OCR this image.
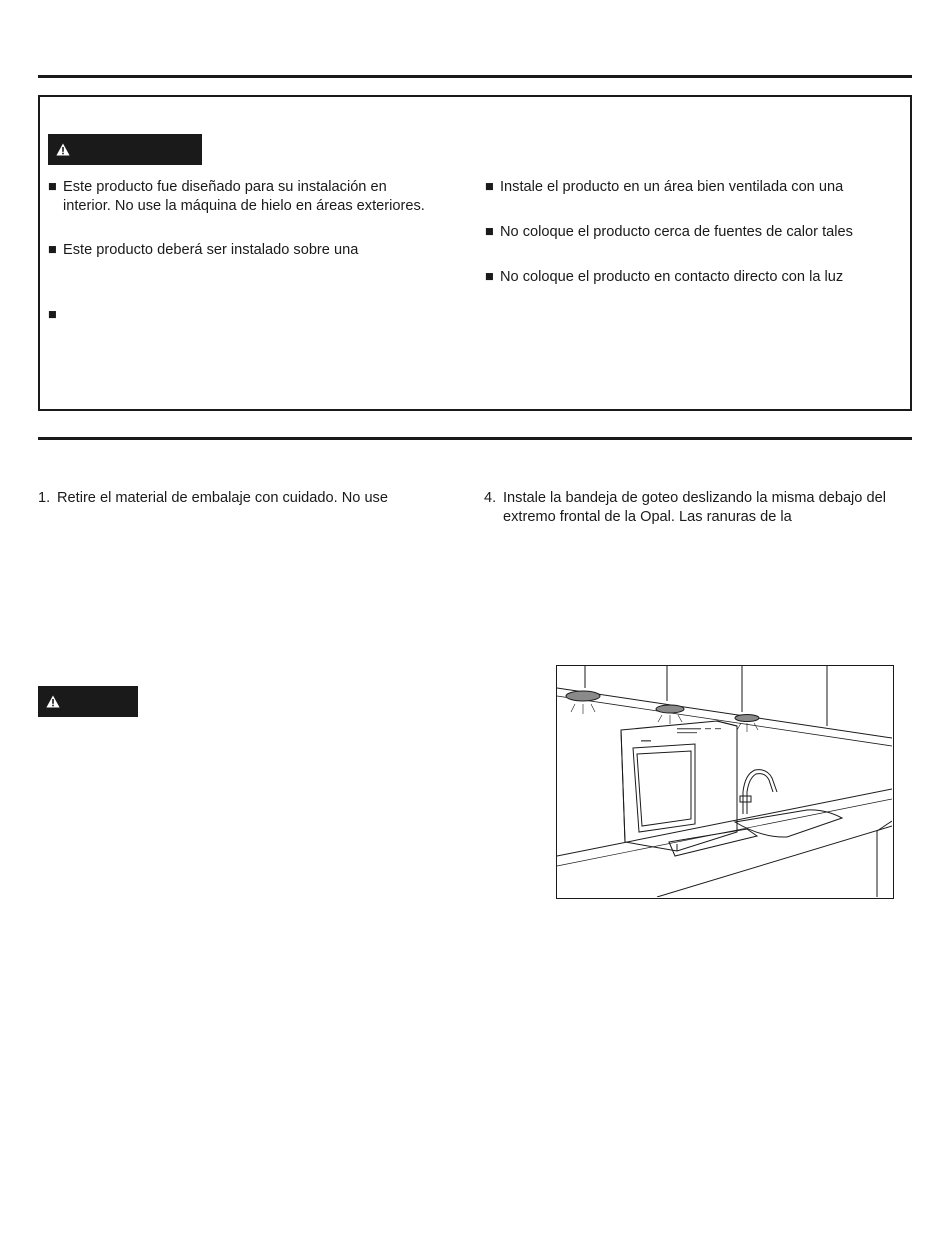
■ Este producto fue diseñado para su instalación en interior. No use la máquina de hielo en áreas exteriores.
■ Este producto deberá ser instalado sobre una
■
■ Instale el producto en un área bien ventilada con una
■ No coloque el producto cerca de fuentes de calor tales
■ No coloque el producto en contacto directo con la luz
1. Retire el material de embalaje con cuidado. No use	4. Instale la bandeja de goteo deslizando la misma debajo del extremo frontal de la Opal. Las ranuras de la
